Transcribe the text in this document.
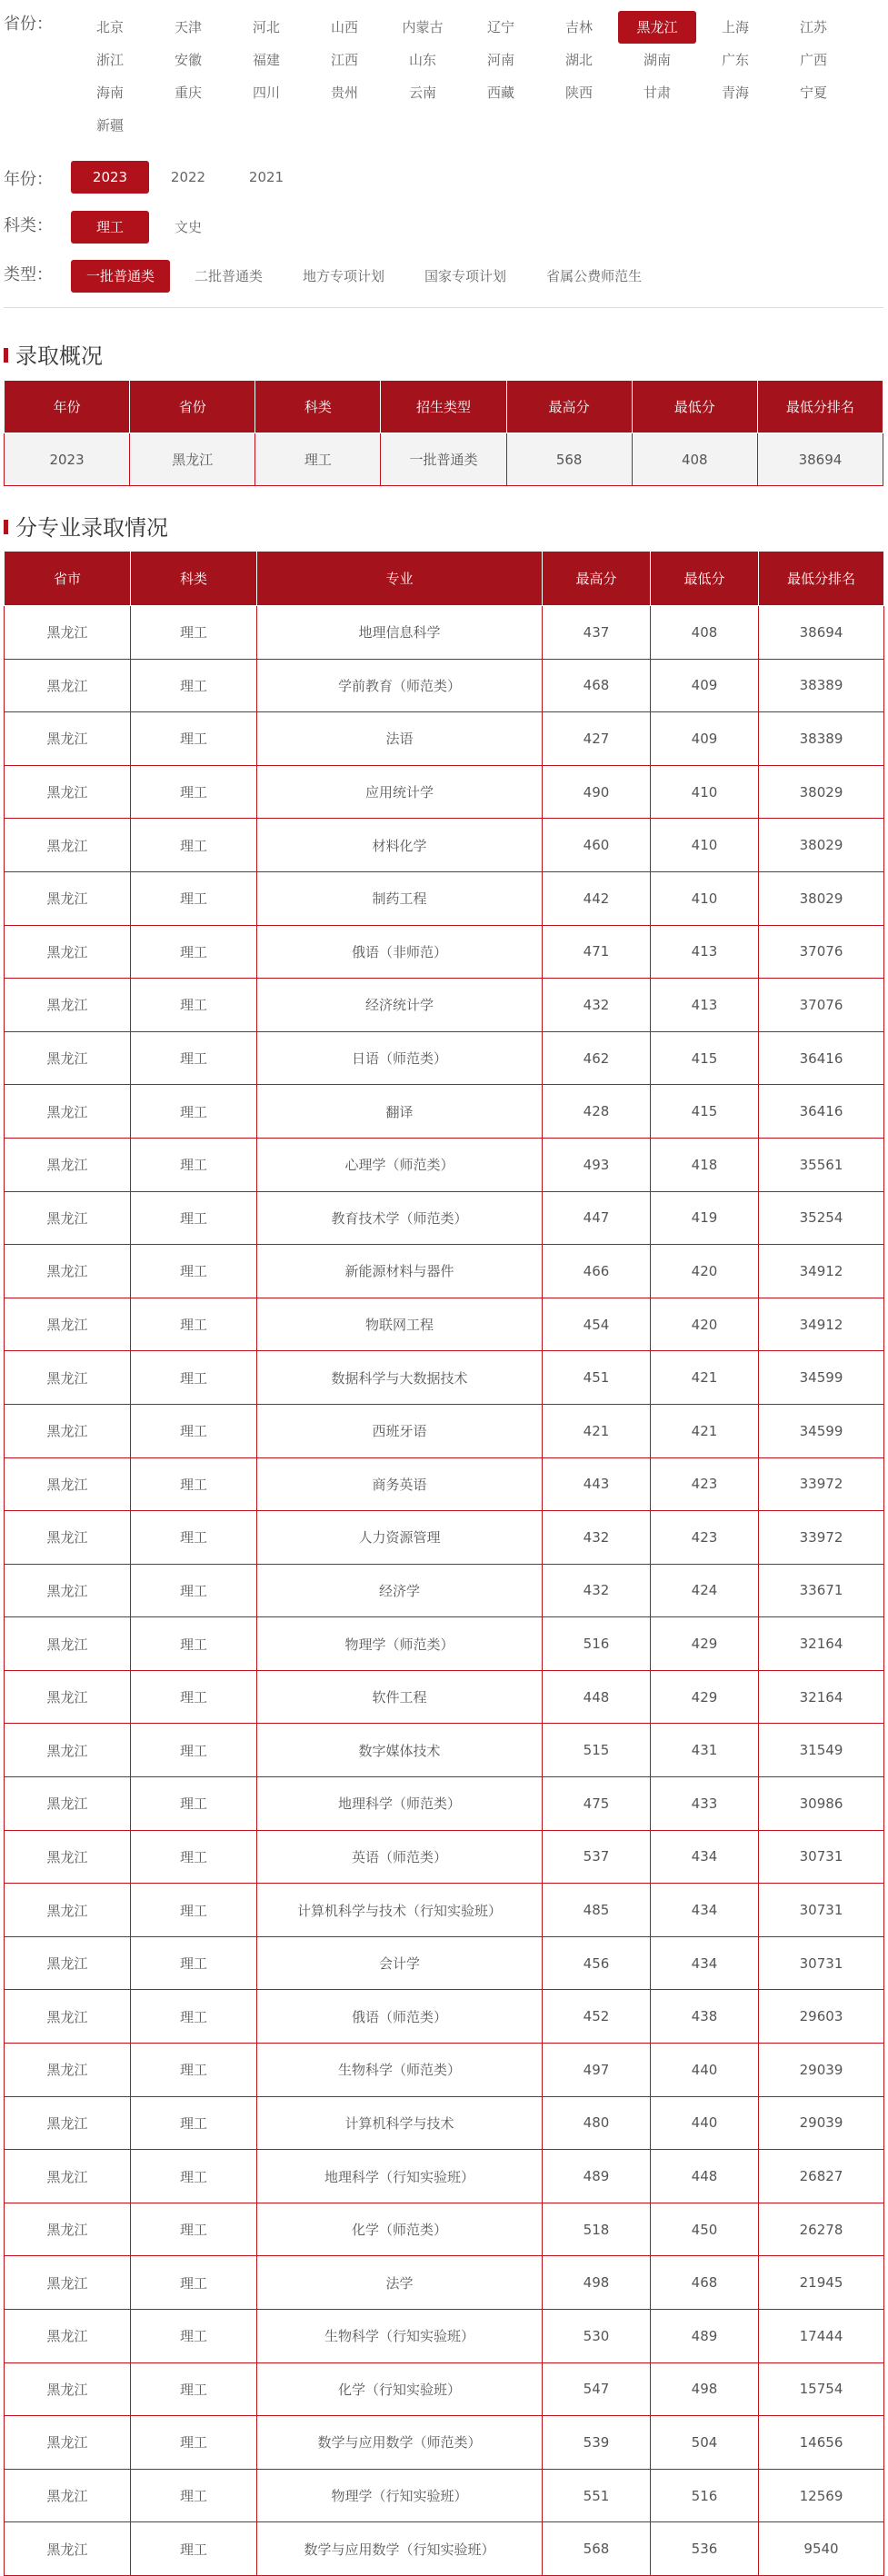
省份：	北京	天津	河北	山西	内蒙古	辽宁	吉林	黑龙江	上海	江苏浙江	安徽	福建	江西	山东	河南	湖北	湖南	广东	广西海南	重庆	四川	贵州	云南	西藏	陕西	甘肃	青海	宁夏新疆
年份：	2023	2022	2021
科类：	理工	文史
类型：	一批普通类	二批普通类	地方专项计划	国家专项计划	省属公费师范生
录取概况
年份	省份	科类	招生类型	最高分	最低分	最低分排名
2023	黑龙江	理工	一批普通类	568	408	38694
分专业录取情况
省市	科类	专业	最高分	最低分	最低分排名
黑龙江	理工	地理信息科学	437	408	38694
黑龙江	理工	学前教育（师范类）	468	409	38389
黑龙江	理工	法语	427	409	38389
黑龙江	理工	应用统计学	490	410	38029
黑龙江	理工	材料化学	460	410	38029
黑龙江	理工	制药工程	442	410	38029
黑龙江	理工	俄语（非师范）	471	413	37076
黑龙江	理工	经济统计学	432	413	37076
黑龙江	理工	日语（师范类）	462	415	36416
黑龙江	理工	翻译	428	415	36416
黑龙江	理工	心理学（师范类）	493	418	35561
黑龙江	理工	教育技术学（师范类）	447	419	35254
黑龙江	理工	新能源材料与器件	466	420	34912
黑龙江	理工	物联网工程	454	420	34912
黑龙江	理工	数据科学与大数据技术	451	421	34599
黑龙江	理工	西班牙语	421	421	34599
黑龙江	理工	商务英语	443	423	33972
黑龙江	理工	人力资源管理	432	423	33972
黑龙江	理工	经济学	432	424	33671
黑龙江	理工	物理学（师范类）	516	429	32164
黑龙江	理工	软件工程	448	429	32164
黑龙江	理工	数字媒体技术	515	431	31549
黑龙江	理工	地理科学（师范类）	475	433	30986
黑龙江	理工	英语（师范类）	537	434	30731
黑龙江	理工	计算机科学与技术（行知实验班）	485	434	30731
黑龙江	理工	会计学	456	434	30731
黑龙江	理工	俄语（师范类）	452	438	29603
黑龙江	理工	生物科学（师范类）	497	440	29039
黑龙江	理工	计算机科学与技术	480	440	29039
黑龙江	理工	地理科学（行知实验班）	489	448	26827
黑龙江	理工	化学（师范类）	518	450	26278
黑龙江	理工	法学	498	468	21945
黑龙江	理工	生物科学（行知实验班）	530	489	17444
黑龙江	理工	化学（行知实验班）	547	498	15754
黑龙江	理工	数学与应用数学（师范类）	539	504	14656
黑龙江	理工	物理学（行知实验班）	551	516	12569
黑龙江	理工	数学与应用数学（行知实验班）	568	536	9540
